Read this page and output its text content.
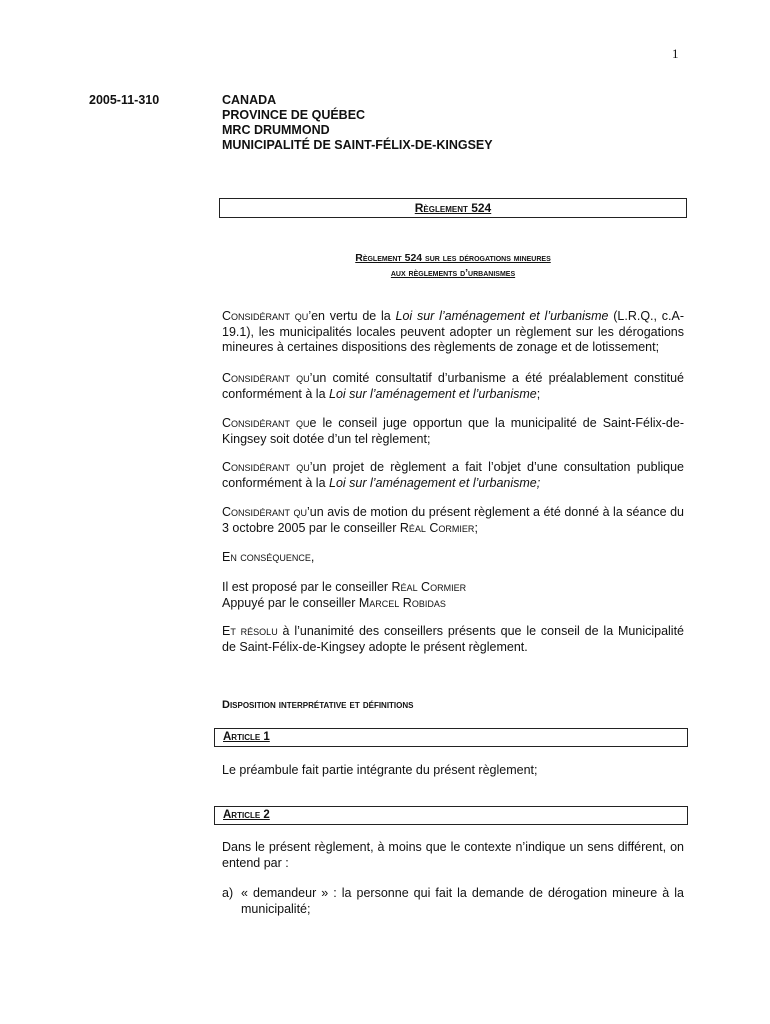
1
2005-11-310	CANADA
PROVINCE DE QUÉBEC
MRC DRUMMOND
MUNICIPALITÉ DE SAINT-FÉLIX-DE-KINGSEY
Règlement 524
Règlement 524 sur les dérogations mineures
aux règlements d’urbanismes
Considérant qu’en vertu de la Loi sur l’aménagement et l’urbanisme (L.R.Q., c.A-19.1), les municipalités locales peuvent adopter un règlement sur les dérogations mineures à certaines dispositions des règlements de zonage et de lotissement;
Considérant qu’un comité consultatif d’urbanisme a été préalablement constitué conformément à la Loi sur l’aménagement et l’urbanisme;
Considérant que le conseil juge opportun que la municipalité de Saint-Félix-de-Kingsey soit dotée d’un tel règlement;
Considérant qu’un projet de règlement a fait l’objet d’une consultation publique conformément à la Loi sur l’aménagement et l’urbanisme;
Considérant qu’un avis de motion du présent règlement a été donné à la séance du 3 octobre 2005 par le conseiller Réal Cormier;
En conséquence,
Il est proposé par le conseiller Réal Cormier
Appuyé par le conseiller Marcel Robidas
Et résolu à l’unanimité des conseillers présents que le conseil de la Municipalité de Saint-Félix-de-Kingsey adopte le présent règlement.
Disposition interprétative et définitions
Article 1
Le préambule fait partie intégrante du présent règlement;
Article 2
Dans le présent règlement, à moins que le contexte n’indique un sens différent, on entend par :
a) « demandeur » : la personne qui fait la demande de dérogation mineure à la municipalité;
